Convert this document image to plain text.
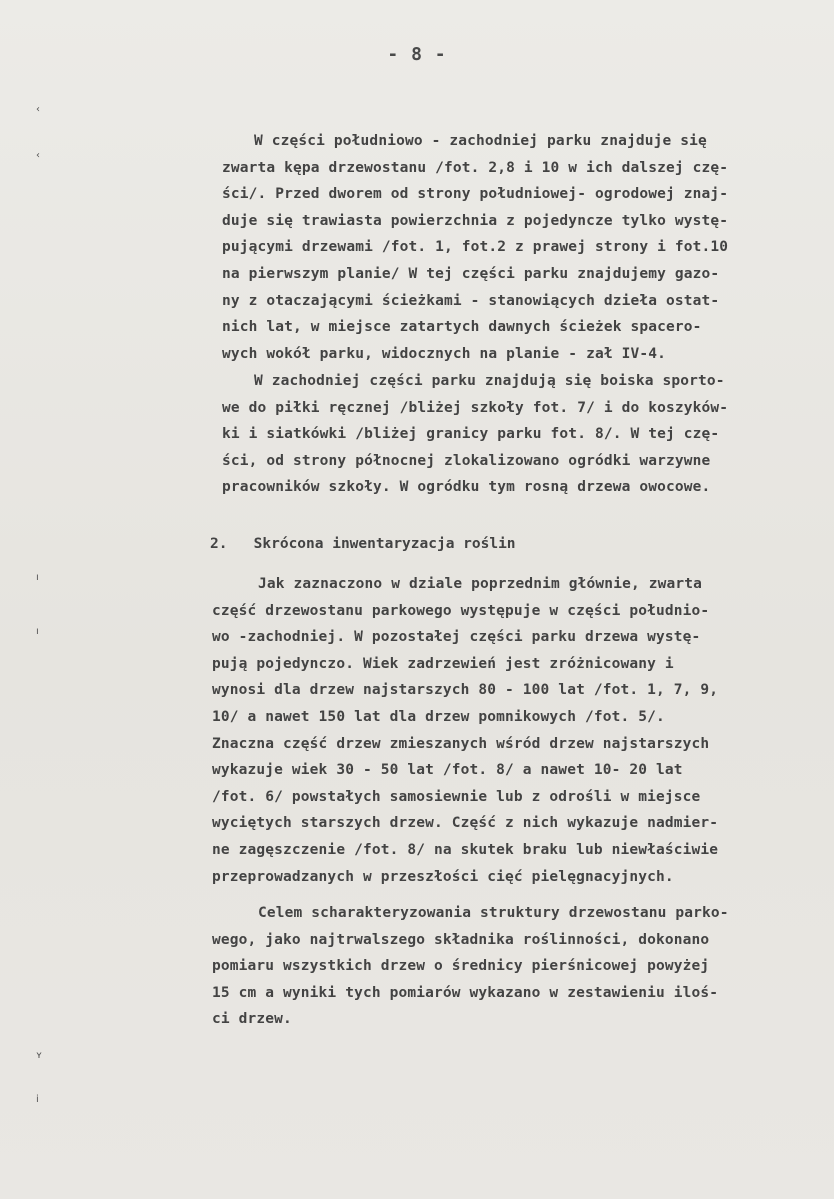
- 8 -
‹
‹
ı
ı
ʏ
i
W części południowo - zachodniej parku znajduje się
zwarta kępa drzewostanu /fot. 2,8 i 10 w ich dalszej czę-
ści/. Przed dworem od strony południowej- ogrodowej znaj-
duje się trawiasta powierzchnia z pojedyncze tylko wystę-
pującymi drzewami /fot. 1, fot.2 z prawej strony i fot.10
na pierwszym planie/ W tej części parku znajdujemy gazo-
ny z otaczającymi ścieżkami - stanowiących dzieła ostat-
nich lat, w miejsce zatartych dawnych ścieżek spacero-
wych wokół parku, widocznych na planie - zał IV-4.
W zachodniej części parku znajdują się boiska sporto-
we do piłki ręcznej /bliżej szkoły fot. 7/ i do koszyków-
ki i siatkówki /bliżej granicy parku fot. 8/. W tej czę-
ści, od strony północnej zlokalizowano ogródki warzywne
pracowników szkoły. W ogródku tym rosną drzewa owocowe.
2.   Skrócona inwentaryzacja roślin
Jak zaznaczono w dziale poprzednim głównie, zwarta
część drzewostanu parkowego występuje w części południo-
wo -zachodniej. W pozostałej części parku drzewa wystę-
pują pojedynczo. Wiek zadrzewień jest zróżnicowany i
wynosi dla drzew najstarszych 80 - 100 lat /fot. 1, 7, 9,
10/ a nawet 150 lat dla drzew pomnikowych /fot. 5/.
Znaczna część drzew zmieszanych wśród drzew najstarszych
wykazuje wiek 30 - 50 lat /fot. 8/ a nawet 10- 20 lat
/fot. 6/ powstałych samosiewnie lub z odrośli w miejsce
wyciętych starszych drzew. Część z nich wykazuje nadmier-
ne zagęszczenie /fot. 8/ na skutek braku lub niewłaściwie
przeprowadzanych w przeszłości cięć pielęgnacyjnych.
Celem scharakteryzowania struktury drzewostanu parko-
wego, jako najtrwalszego składnika roślinności, dokonano
pomiaru wszystkich drzew o średnicy pierśnicowej powyżej
15 cm a wyniki tych pomiarów wykazano w zestawieniu iloś-
ci drzew.
